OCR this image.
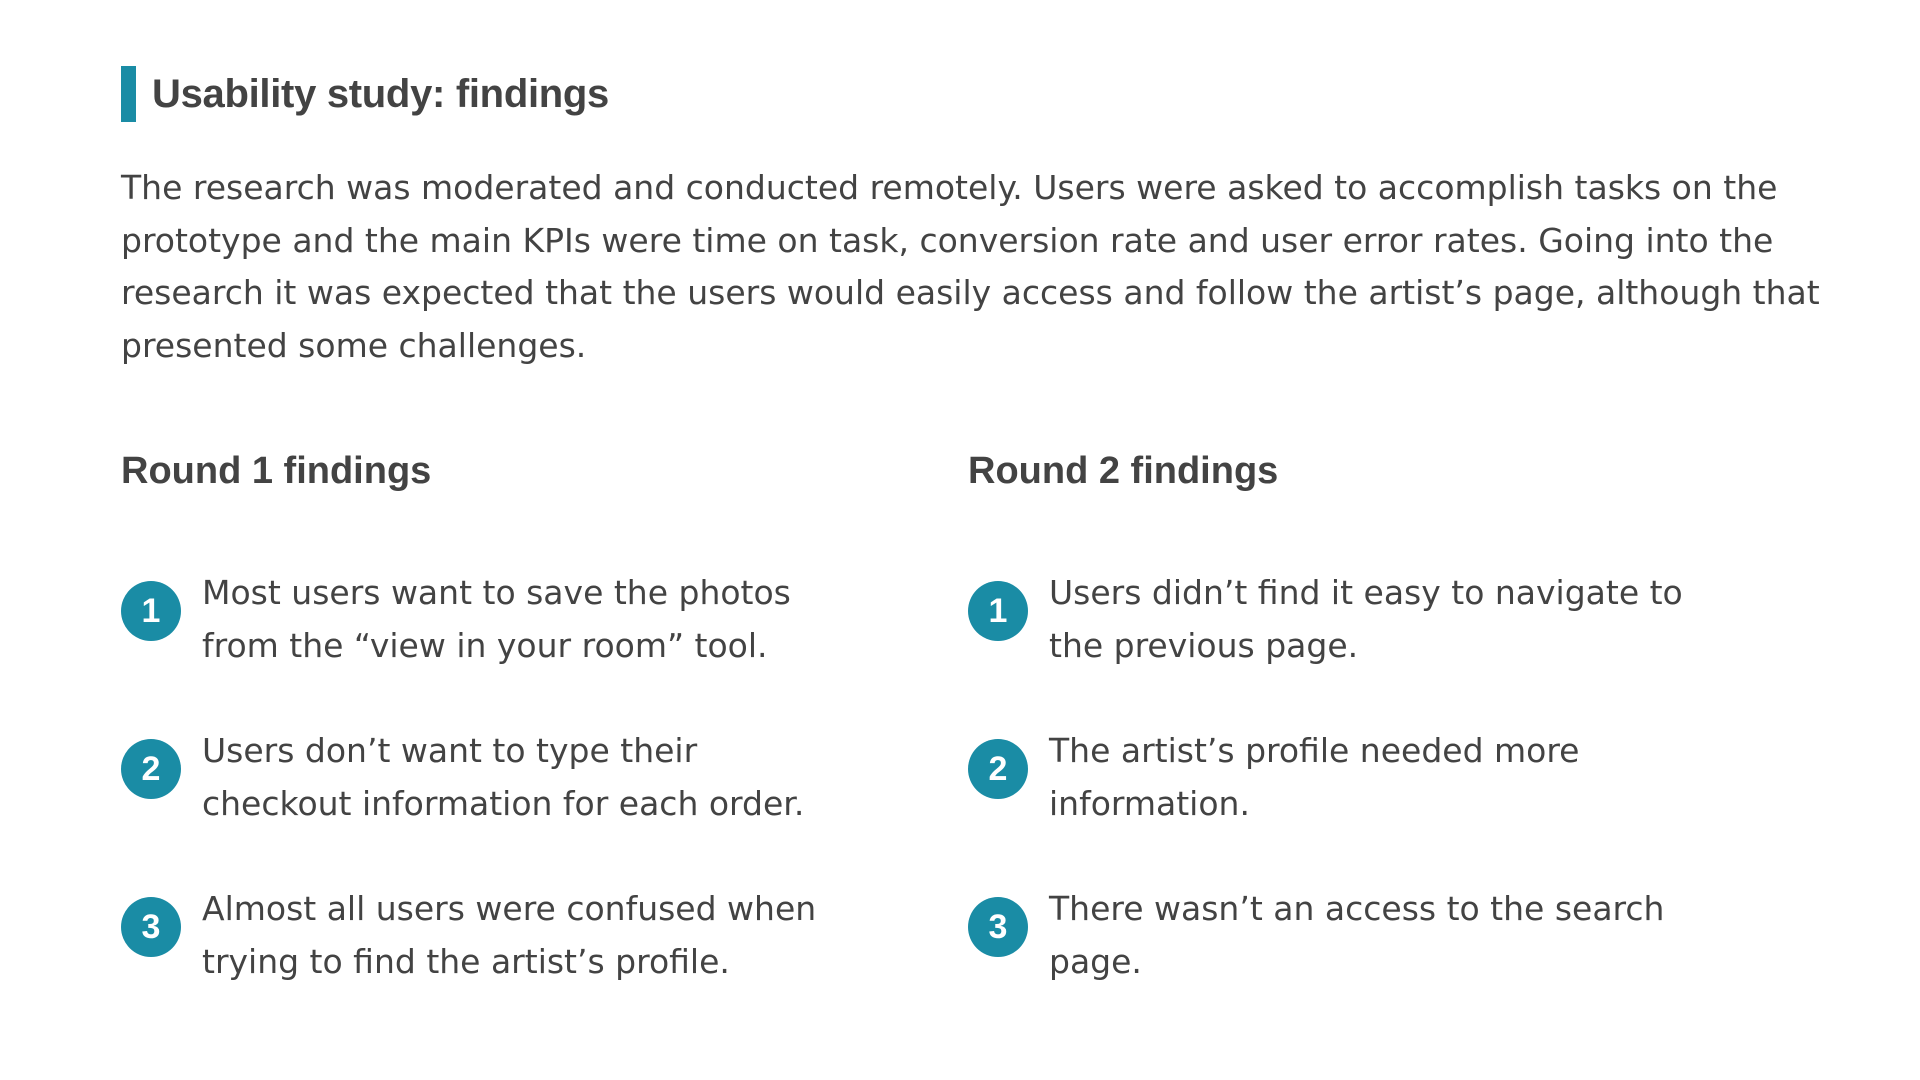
Usability study: findings

The research was moderated and conducted remotely. Users were asked to accomplish tasks on the prototype and the main KPIs were time on task, conversion rate and user error rates. Going into the research it was expected that the users would easily access and follow the artist’s page, although that presented some challenges.

Round 1 findings
1	Most users want to save the photos from the “view in your room” tool.
2	Users don’t want to type their checkout information for each order.
3	Almost all users were confused when trying to find the artist’s profile.
Round 2 findings
1	Users didn’t find it easy to navigate to the previous page.
2	The artist’s profile needed more information.
3	There wasn’t an access to the search page.
